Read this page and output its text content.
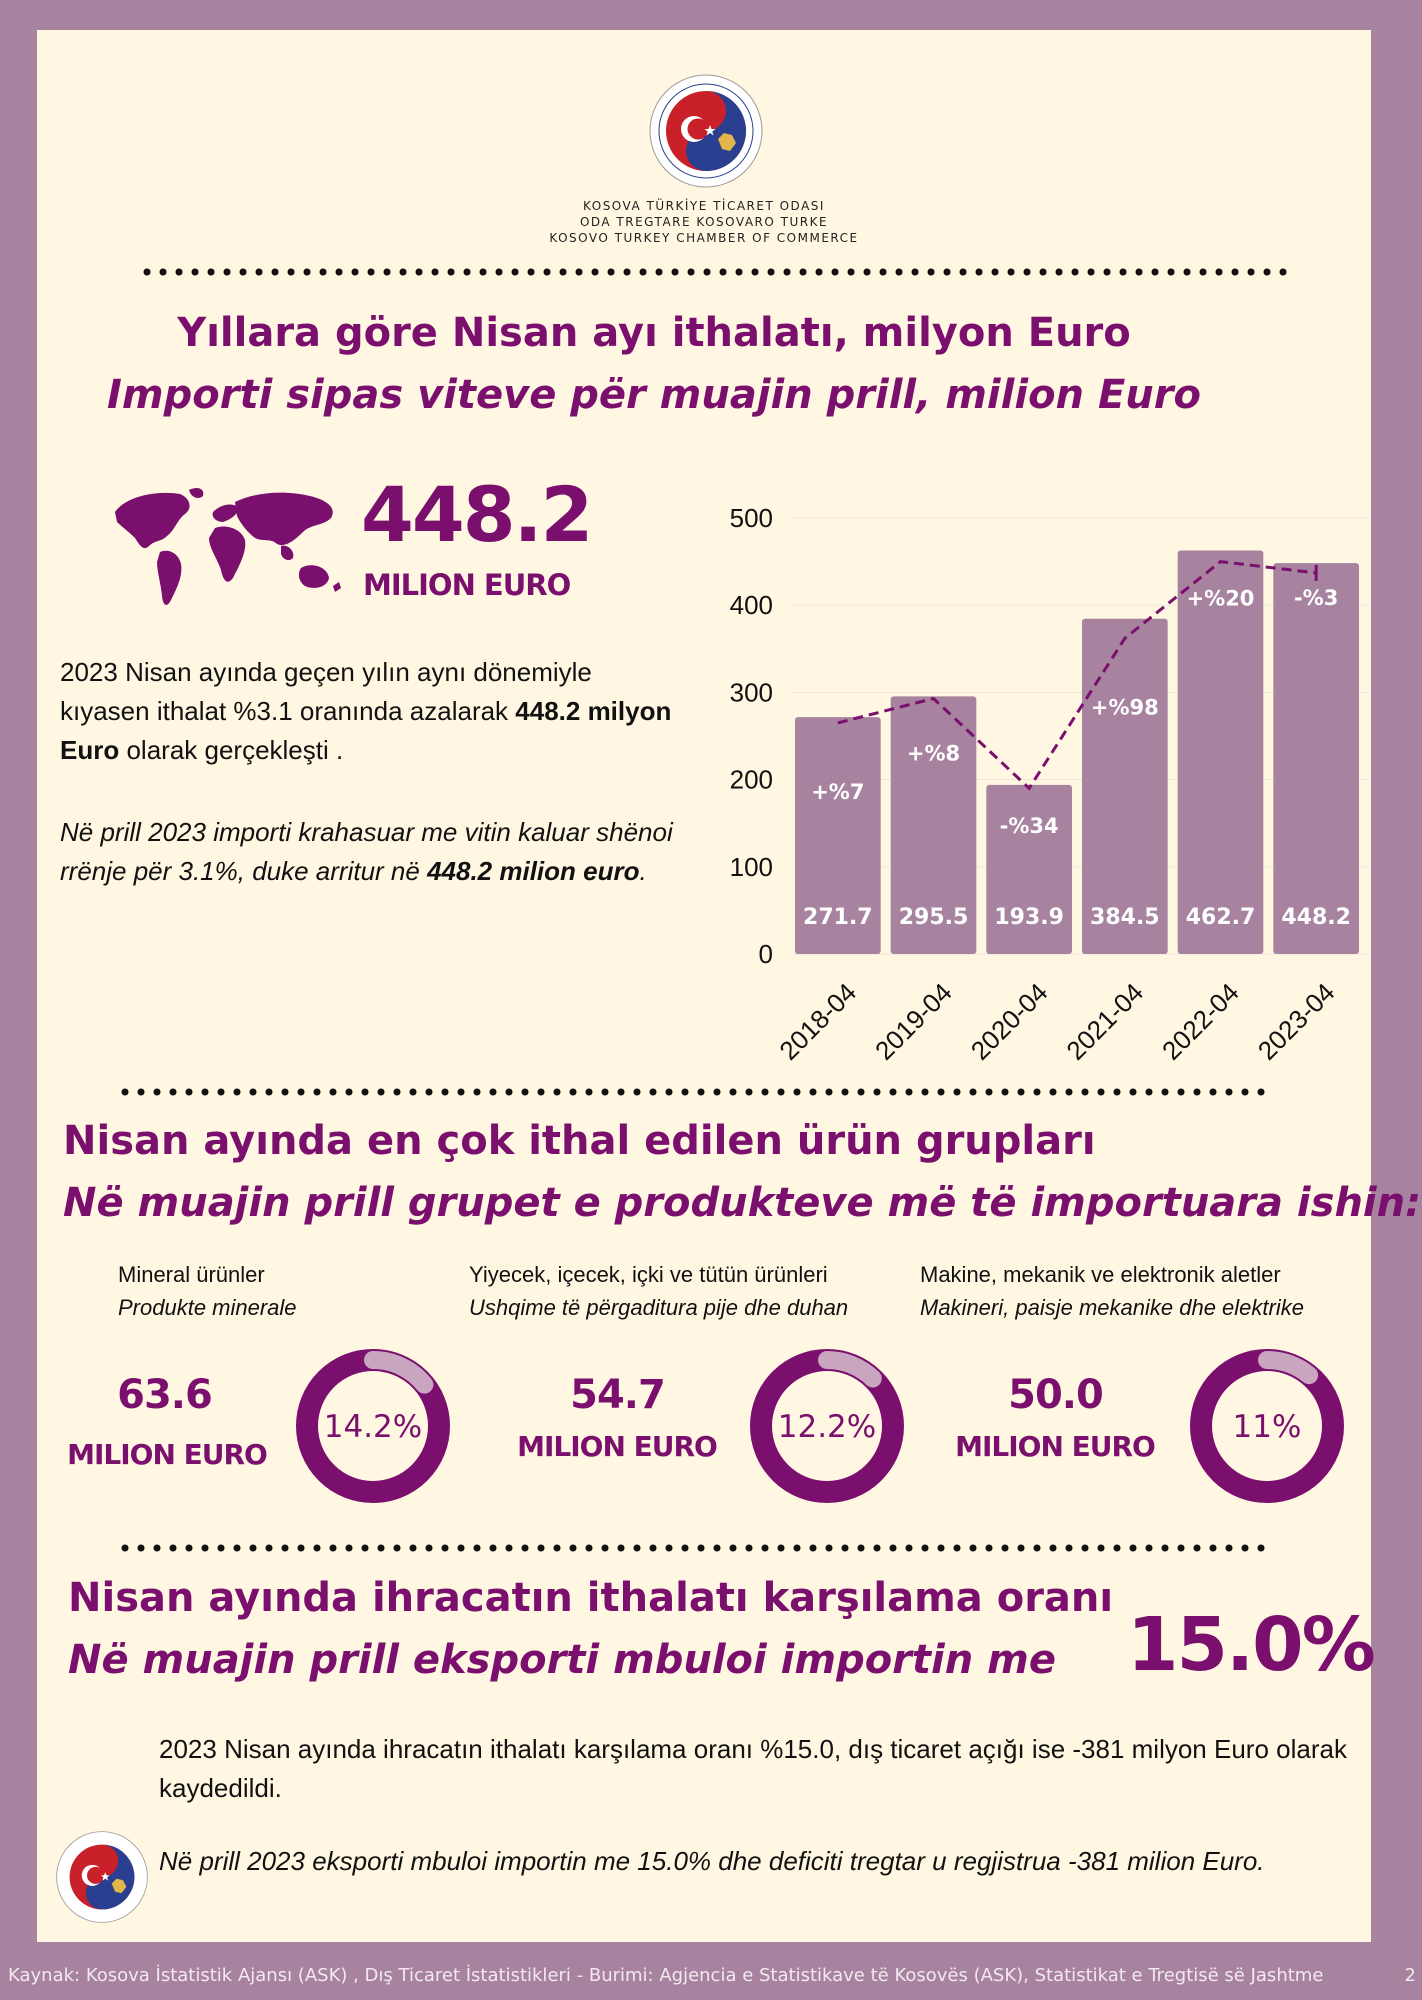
KOSOVA TÜRKİYE TİCARET ODASI
ODA TREGTARE KOSOVARO TURKE
KOSOVO TURKEY CHAMBER OF COMMERCE
Yıllara göre Nisan ayı ithalatı, milyon Euro
Importi sipas viteve për muajin prill, milion Euro
448.2
MILION EURO
2023 Nisan ayında geçen yılın aynı dönemiyle kıyasen ithalat %3.1 oranında azalarak 448.2 milyon Euro olarak gerçekleşti .
Në prill 2023 importi krahasuar me vitin kaluar shënoi rrënje për 3.1%, duke arritur në 448.2 milion euro.
0
100
200
300
400
500
271.7
+%7
2018-04
295.5
+%8
2019-04
193.9
-%34
2020-04
384.5
+%98
2021-04
462.7
+%20
2022-04
448.2
-%3
2023-04
Nisan ayında en çok ithal edilen ürün grupları
Në muajin prill grupet e produkteve më të importuara ishin:
Mineral ürünler
Produkte minerale
63.6
MILION EURO
14.2%
Yiyecek, içecek, içki ve tütün ürünleri
Ushqime të përgaditura pije dhe duhan
54.7
MILION EURO
12.2%
Makine, mekanik ve elektronik aletler
Makineri, paisje mekanike dhe elektrike
50.0
MILION EURO
11%
Nisan ayında ihracatın ithalatı karşılama oranı
Në muajin prill eksporti mbuloi importin me 15.0%
2023 Nisan ayında ihracatın ithalatı karşılama oranı %15.0, dış ticaret açığı ise -381 milyon Euro olarak kaydedildi.
Në prill 2023 eksporti mbuloi importin me 15.0% dhe deficiti tregtar u regjistrua -381 milion Euro.
Kaynak: Kosova İstatistik Ajansı (ASK) , Dış Ticaret İstatistikleri - Burimi: Agjencia e Statistikave të Kosovës (ASK), Statistikat e Tregtisë së Jashtme	2
